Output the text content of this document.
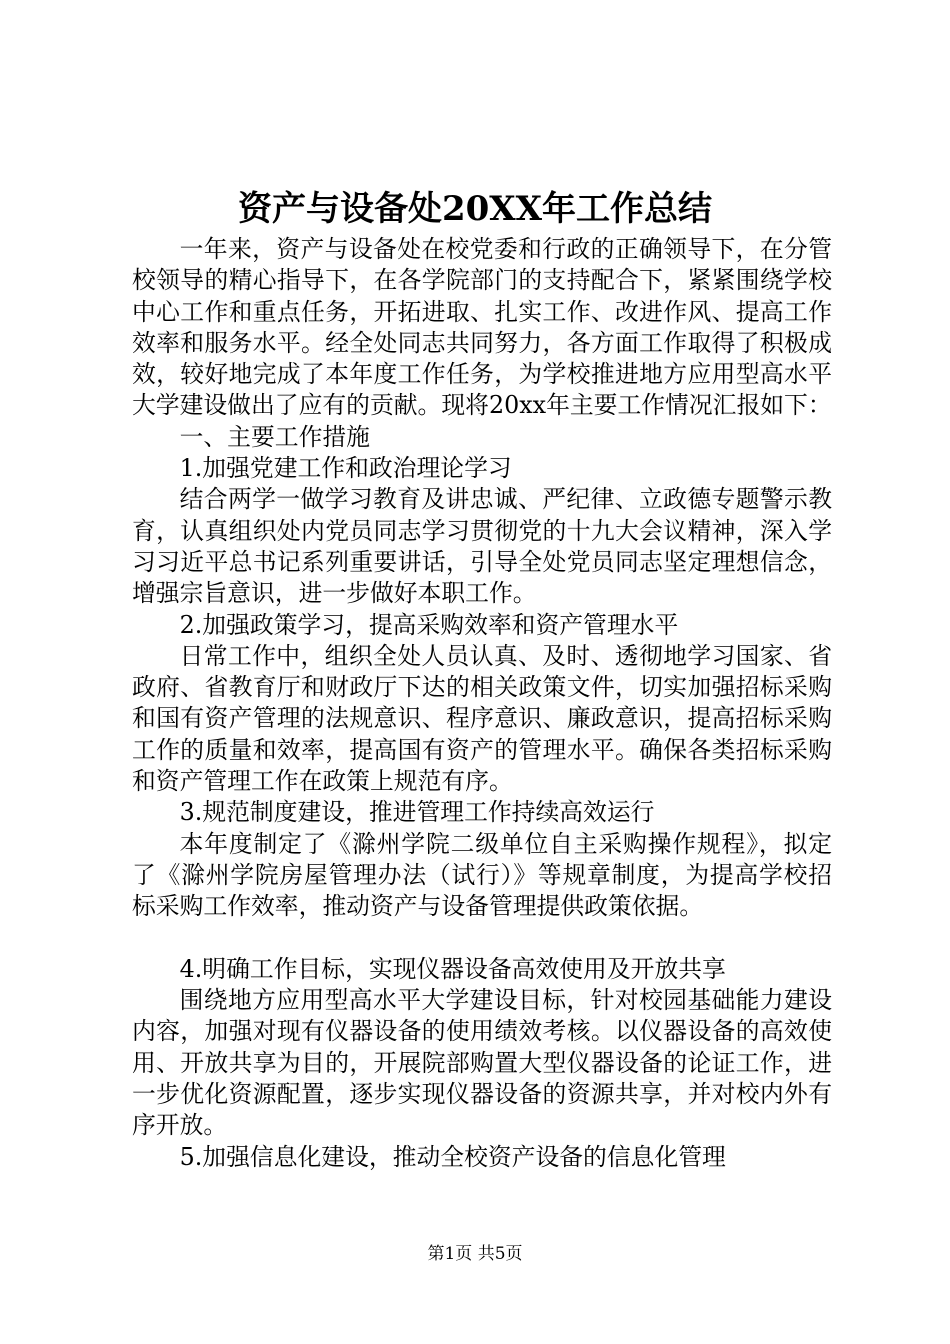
资产与设备处20XX年工作总结

一年来，资产与设备处在校党委和行政的正确领导下，在分管校领导的精心指导下，在各学院部门的支持配合下，紧紧围绕学校中心工作和重点任务，开拓进取、扎实工作、改进作风、提高工作效率和服务水平。经全处同志共同努力，各方面工作取得了积极成效，较好地完成了本年度工作任务，为学校推进地方应用型高水平大学建设做出了应有的贡献。现将20xx年主要工作情况汇报如下：

一、主要工作措施

1.加强党建工作和政治理论学习

结合两学一做学习教育及讲忠诚、严纪律、立政德专题警示教育，认真组织处内党员同志学习贯彻党的十九大会议精神，深入学习习近平总书记系列重要讲话，引导全处党员同志坚定理想信念，增强宗旨意识，进一步做好本职工作。

2.加强政策学习，提高采购效率和资产管理水平

日常工作中，组织全处人员认真、及时、透彻地学习国家、省政府、省教育厅和财政厅下达的相关政策文件，切实加强招标采购和国有资产管理的法规意识、程序意识、廉政意识，提高招标采购工作的质量和效率，提高国有资产的管理水平。确保各类招标采购和资产管理工作在政策上规范有序。

3.规范制度建设，推进管理工作持续高效运行

本年度制定了《滁州学院二级单位自主采购操作规程》，拟定了《滁州学院房屋管理办法（试行）》等规章制度，为提高学校招标采购工作效率，推动资产与设备管理提供政策依据。

4.明确工作目标，实现仪器设备高效使用及开放共享

围绕地方应用型高水平大学建设目标，针对校园基础能力建设内容，加强对现有仪器设备的使用绩效考核。以仪器设备的高效使用、开放共享为目的，开展院部购置大型仪器设备的论证工作，进一步优化资源配置，逐步实现仪器设备的资源共享，并对校内外有序开放。

5.加强信息化建设，推动全校资产设备的信息化管理

第1页 共5页
